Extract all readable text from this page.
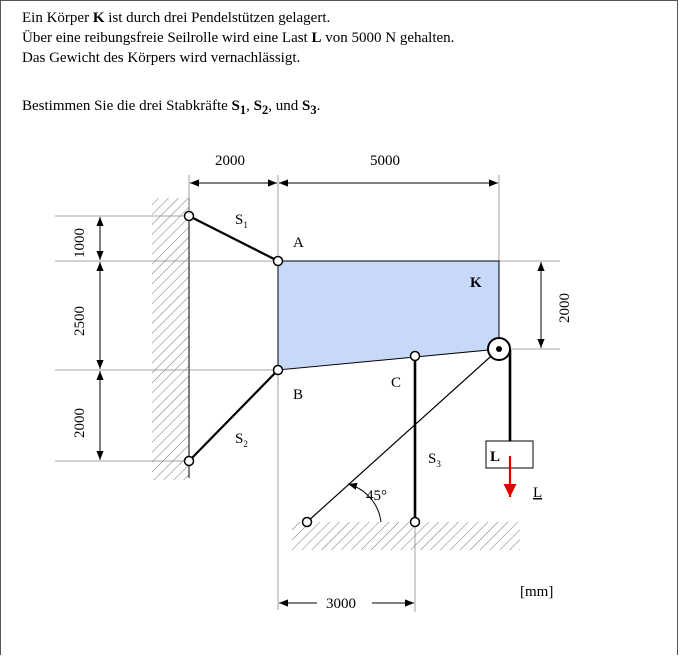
Ein Körper K ist durch drei Pendelstützen gelagert.

Über eine reibungsfreie Seilrolle wird eine Last L von 5000 N gehalten.

Das Gewicht des Körpers wird vernachlässigt.

Bestimmen Sie die drei Stabkräfte $S_1$, $S_2$, und $S_3$.
L
L
45°
2000	5000
1000
2500
2000
2000
3000
A
B
C
K
$S_1$
$S_2$
$S_3$
[mm]
